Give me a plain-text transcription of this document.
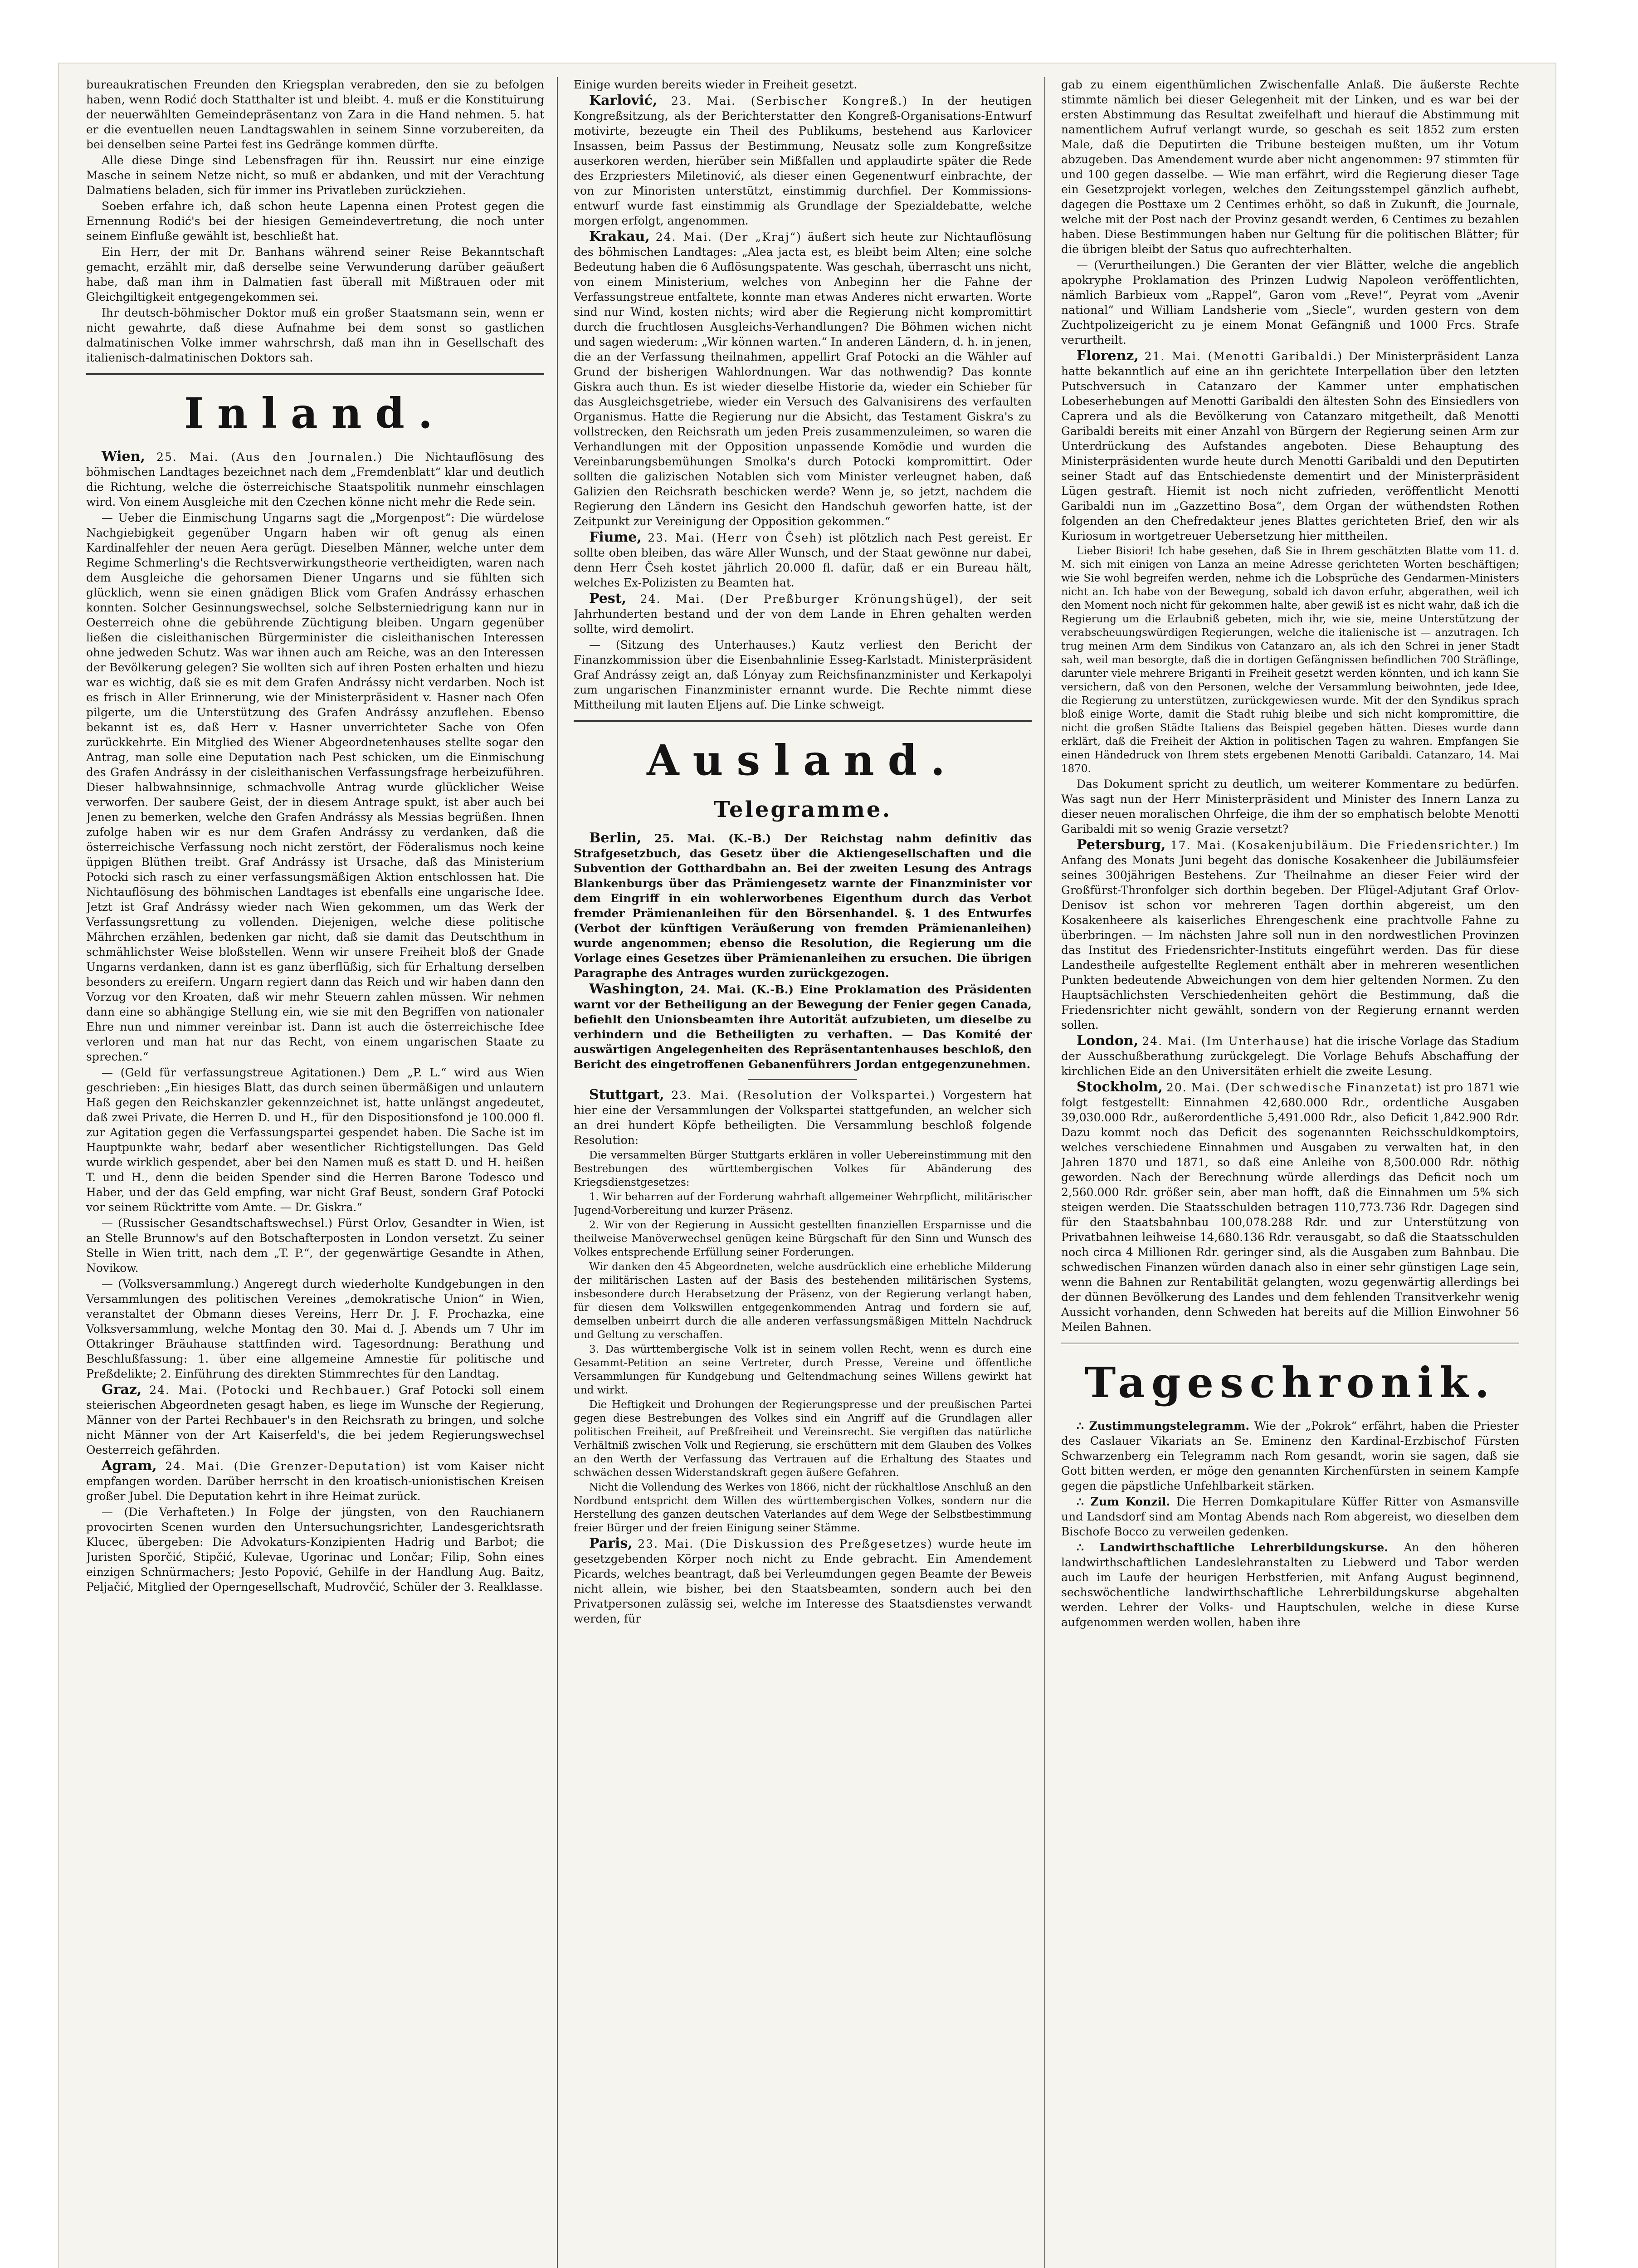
bureaukratischen Freunden den Kriegsplan verabreden, den sie zu befolgen haben, wenn Rodić doch Statthalter ist und bleibt. 4. muß er die Konstituirung der neuerwählten Gemeindepräsentanz von Zara in die Hand nehmen. 5. hat er die eventuellen neuen Landtagswahlen in seinem Sinne vorzubereiten, da bei denselben seine Partei fest ins Gedränge kommen dürfte.

Alle diese Dinge sind Lebensfragen für ihn. Reussirt nur eine einzige Masche in seinem Netze nicht, so muß er abdanken, und mit der Verachtung Dalmatiens beladen, sich für immer ins Privatleben zurückziehen.

Soeben erfahre ich, daß schon heute Lapenna einen Protest gegen die Ernennung Rodić's bei der hiesigen Gemeindevertretung, die noch unter seinem Einfluße gewählt ist, beschließt hat.

Ein Herr, der mit Dr. Banhans während seiner Reise Bekanntschaft gemacht, erzählt mir, daß derselbe seine Verwunderung darüber geäußert habe, daß man ihm in Dalmatien fast überall mit Mißtrauen oder mit Gleichgiltigkeit entgegengekommen sei.

Ihr deutsch-böhmischer Doktor muß ein großer Staatsmann sein, wenn er nicht gewahrte, daß diese Aufnahme bei dem sonst so gastlichen dalmatinischen Volke immer wahrschrsh, daß man ihn in Gesellschaft des italienisch-dalmatinischen Doktors sah.

Inland.

Wien, 25. Mai. (Aus den Journalen.) Die Nichtauflösung des böhmischen Landtages bezeichnet nach dem „Fremdenblatt“ klar und deutlich die Richtung, welche die österreichische Staatspolitik nunmehr einschlagen wird. Von einem Ausgleiche mit den Czechen könne nicht mehr die Rede sein.

— Ueber die Einmischung Ungarns sagt die „Morgenpost“: Die würdelose Nachgiebigkeit gegenüber Ungarn haben wir oft genug als einen Kardinalfehler der neuen Aera gerügt. Dieselben Männer, welche unter dem Regime Schmerling's die Rechtsverwirkungstheorie vertheidigten, waren nach dem Ausgleiche die gehorsamen Diener Ungarns und sie fühlten sich glücklich, wenn sie einen gnädigen Blick vom Grafen Andrássy erhaschen konnten. Solcher Gesinnungswechsel, solche Selbsterniedrigung kann nur in Oesterreich ohne die gebührende Züchtigung bleiben. Ungarn gegenüber ließen die cisleithanischen Bürgerminister die cisleithanischen Interessen ohne jedweden Schutz. Was war ihnen auch am Reiche, was an den Interessen der Bevölkerung gelegen? Sie wollten sich auf ihren Posten erhalten und hiezu war es wichtig, daß sie es mit dem Grafen Andrássy nicht verdarben. Noch ist es frisch in Aller Erinnerung, wie der Ministerpräsident v. Hasner nach Ofen pilgerte, um die Unterstützung des Grafen Andrássy anzuflehen. Ebenso bekannt ist es, daß Herr v. Hasner unverrichteter Sache von Ofen zurückkehrte. Ein Mitglied des Wiener Abgeordnetenhauses stellte sogar den Antrag, man solle eine Deputation nach Pest schicken, um die Einmischung des Grafen Andrássy in der cisleithanischen Verfassungsfrage herbeizuführen. Dieser halbwahnsinnige, schmachvolle Antrag wurde glücklicher Weise verworfen. Der saubere Geist, der in diesem Antrage spukt, ist aber auch bei Jenen zu bemerken, welche den Grafen Andrássy als Messias begrüßen. Ihnen zufolge haben wir es nur dem Grafen Andrássy zu verdanken, daß die österreichische Verfassung noch nicht zerstört, der Föderalismus noch keine üppigen Blüthen treibt. Graf Andrássy ist Ursache, daß das Ministerium Potocki sich rasch zu einer verfassungsmäßigen Aktion entschlossen hat. Die Nichtauflösung des böhmischen Landtages ist ebenfalls eine ungarische Idee. Jetzt ist Graf Andrássy wieder nach Wien gekommen, um das Werk der Verfassungsrettung zu vollenden. Diejenigen, welche diese politische Mährchen erzählen, bedenken gar nicht, daß sie damit das Deutschthum in schmählichster Weise bloßstellen. Wenn wir unsere Freiheit bloß der Gnade Ungarns verdanken, dann ist es ganz überflüßig, sich für Erhaltung derselben besonders zu ereifern. Ungarn regiert dann das Reich und wir haben dann den Vorzug vor den Kroaten, daß wir mehr Steuern zahlen müssen. Wir nehmen dann eine so abhängige Stellung ein, wie sie mit den Begriffen von nationaler Ehre nun und nimmer vereinbar ist. Dann ist auch die österreichische Idee verloren und man hat nur das Recht, von einem ungarischen Staate zu sprechen.“

— (Geld für verfassungstreue Agitationen.) Dem „P. L.“ wird aus Wien geschrieben: „Ein hiesiges Blatt, das durch seinen übermäßigen und unlautern Haß gegen den Reichskanzler gekennzeichnet ist, hatte unlängst angedeutet, daß zwei Private, die Herren D. und H., für den Dispositionsfond je 100.000 fl. zur Agitation gegen die Verfassungspartei gespendet haben. Die Sache ist im Hauptpunkte wahr, bedarf aber wesentlicher Richtigstellungen. Das Geld wurde wirklich gespendet, aber bei den Namen muß es statt D. und H. heißen T. und H., denn die beiden Spender sind die Herren Barone Todesco und Haber, und der das Geld empfing, war nicht Graf Beust, sondern Graf Potocki vor seinem Rücktritte vom Amte. — Dr. Giskra.“

— (Russischer Gesandtschaftswechsel.) Fürst Orlov, Gesandter in Wien, ist an Stelle Brunnow's auf den Botschafterposten in London versetzt. Zu seiner Stelle in Wien tritt, nach dem „T. P.“, der gegenwärtige Gesandte in Athen, Novikow.

— (Volksversammlung.) Angeregt durch wiederholte Kundgebungen in den Versammlungen des politischen Vereines „demokratische Union“ in Wien, veranstaltet der Obmann dieses Vereins, Herr Dr. J. F. Prochazka, eine Volksversammlung, welche Montag den 30. Mai d. J. Abends um 7 Uhr im Ottakringer Bräuhause stattfinden wird. Tagesordnung: Berathung und Beschlußfassung: 1. über eine allgemeine Amnestie für politische und Preßdelikte; 2. Einführung des direkten Stimmrechtes für den Landtag.

Graz, 24. Mai. (Potocki und Rechbauer.) Graf Potocki soll einem steierischen Abgeordneten gesagt haben, es liege im Wunsche der Regierung, Männer von der Partei Rechbauer's in den Reichsrath zu bringen, und solche nicht Männer von der Art Kaiserfeld's, die bei jedem Regierungswechsel Oesterreich gefährden.

Agram, 24. Mai. (Die Grenzer-Deputation) ist vom Kaiser nicht empfangen worden. Darüber herrscht in den kroatisch-unionistischen Kreisen großer Jubel. Die Deputation kehrt in ihre Heimat zurück.

— (Die Verhafteten.) In Folge der jüngsten, von den Rauchianern provocirten Scenen wurden den Untersuchungsrichter, Landesgerichtsrath Klucec, übergeben: Die Advokaturs-Konzipienten Hadrig und Barbot; die Juristen Sporčić, Stipčić, Kulevae, Ugorinac und Lončar; Filip, Sohn eines einzigen Schnürmachers; Jesto Popović, Gehilfe in der Handlung Aug. Baitz, Peljačić, Mitglied der Operngesellschaft, Mudrovčić, Schüler der 3. Realklasse.

Einige wurden bereits wieder in Freiheit gesetzt.

Karlović, 23. Mai. (Serbischer Kongreß.) In der heutigen Kongreßsitzung, als der Berichterstatter den Kongreß-Organisations-Entwurf motivirte, bezeugte ein Theil des Publikums, bestehend aus Karlovicer Insassen, beim Passus der Bestimmung, Neusatz solle zum Kongreßsitze auserkoren werden, hierüber sein Mißfallen und applaudirte später die Rede des Erzpriesters Miletinović, als dieser einen Gegenentwurf einbrachte, der von zur Minoristen unterstützt, einstimmig durchfiel. Der Kommissions-entwurf wurde fast einstimmig als Grundlage der Spezialdebatte, welche morgen erfolgt, angenommen.

Krakau, 24. Mai. (Der „Kraj“) äußert sich heute zur Nichtauflösung des böhmischen Landtages: „Alea jacta est, es bleibt beim Alten; eine solche Bedeutung haben die 6 Auflösungspatente. Was geschah, überrascht uns nicht, von einem Ministerium, welches von Anbeginn her die Fahne der Verfassungstreue entfaltete, konnte man etwas Anderes nicht erwarten. Worte sind nur Wind, kosten nichts; wird aber die Regierung nicht kompromittirt durch die fruchtlosen Ausgleichs-Verhandlungen? Die Böhmen wichen nicht und sagen wiederum: „Wir können warten.“ In anderen Ländern, d. h. in jenen, die an der Verfassung theilnahmen, appellirt Graf Potocki an die Wähler auf Grund der bisherigen Wahlordnungen. War das nothwendig? Das konnte Giskra auch thun. Es ist wieder dieselbe Historie da, wieder ein Schieber für das Ausgleichsgetriebe, wieder ein Versuch des Galvanisirens des verfaulten Organismus. Hatte die Regierung nur die Absicht, das Testament Giskra's zu vollstrecken, den Reichsrath um jeden Preis zusammenzuleimen, so waren die Verhandlungen mit der Opposition unpassende Komödie und wurden die Vereinbarungsbemühungen Smolka's durch Potocki kompromittirt. Oder sollten die galizischen Notablen sich vom Minister verleugnet haben, daß Galizien den Reichsrath beschicken werde? Wenn je, so jetzt, nachdem die Regierung den Ländern ins Gesicht den Handschuh geworfen hatte, ist der Zeitpunkt zur Vereinigung der Opposition gekommen.“

Fiume, 23. Mai. (Herr von Čseh) ist plötzlich nach Pest gereist. Er sollte oben bleiben, das wäre Aller Wunsch, und der Staat gewönne nur dabei, denn Herr Čseh kostet jährlich 20.000 fl. dafür, daß er ein Bureau hält, welches Ex-Polizisten zu Beamten hat.

Pest, 24. Mai. (Der Preßburger Krönungshügel), der seit Jahrhunderten bestand und der von dem Lande in Ehren gehalten werden sollte, wird demolirt.

— (Sitzung des Unterhauses.) Kautz verliest den Bericht der Finanzkommission über die Eisenbahnlinie Esseg-Karlstadt. Ministerpräsident Graf Andrássy zeigt an, daß Lónyay zum Reichsfinanzminister und Kerkapolyi zum ungarischen Finanzminister ernannt wurde. Die Rechte nimmt diese Mittheilung mit lauten Eljens auf. Die Linke schweigt.

Ausland.
Telegramme.

Berlin, 25. Mai. (K.-B.) Der Reichstag nahm definitiv das Strafgesetzbuch, das Gesetz über die Aktiengesellschaften und die Subvention der Gotthardbahn an. Bei der zweiten Lesung des Antrags Blankenburgs über das Prämiengesetz warnte der Finanzminister vor dem Eingriff in ein wohlerworbenes Eigenthum durch das Verbot fremder Prämienanleihen für den Börsenhandel. §. 1 des Entwurfes (Verbot der künftigen Veräußerung von fremden Prämienanleihen) wurde angenommen; ebenso die Resolution, die Regierung um die Vorlage eines Gesetzes über Prämienanleihen zu ersuchen. Die übrigen Paragraphe des Antrages wurden zurückgezogen.

Washington, 24. Mai. (K.-B.) Eine Proklamation des Präsidenten warnt vor der Betheiligung an der Bewegung der Fenier gegen Canada, befiehlt den Unionsbeamten ihre Autorität aufzubieten, um dieselbe zu verhindern und die Betheiligten zu verhaften. — Das Komité der auswärtigen Angelegenheiten des Repräsentantenhauses beschloß, den Bericht des eingetroffenen Gebanenführers Jordan entgegenzunehmen.

Stuttgart, 23. Mai. (Resolution der Volkspartei.) Vorgestern hat hier eine der Versammlungen der Volkspartei stattgefunden, an welcher sich an drei hundert Köpfe betheiligten. Die Versammlung beschloß folgende Resolution:

Die versammelten Bürger Stuttgarts erklären in voller Uebereinstimmung mit den Bestrebungen des württembergischen Volkes für Abänderung des Kriegsdienstgesetzes:

1. Wir beharren auf der Forderung wahrhaft allgemeiner Wehrpflicht, militärischer Jugend-Vorbereitung und kurzer Präsenz.

2. Wir von der Regierung in Aussicht gestellten finanziellen Ersparnisse und die theilweise Manöverwechsel genügen keine Bürgschaft für den Sinn und Wunsch des Volkes entsprechende Erfüllung seiner Forderungen.

Wir danken den 45 Abgeordneten, welche ausdrücklich eine erhebliche Milderung der militärischen Lasten auf der Basis des bestehenden militärischen Systems, insbesondere durch Herabsetzung der Präsenz, von der Regierung verlangt haben, für diesen dem Volkswillen entgegenkommenden Antrag und fordern sie auf, demselben unbeirrt durch die alle anderen verfassungsmäßigen Mitteln Nachdruck und Geltung zu verschaffen.

3. Das württembergische Volk ist in seinem vollen Recht, wenn es durch eine Gesammt-Petition an seine Vertreter, durch Presse, Vereine und öffentliche Versammlungen für Kundgebung und Geltendmachung seines Willens gewirkt hat und wirkt.

Die Heftigkeit und Drohungen der Regierungspresse und der preußischen Partei gegen diese Bestrebungen des Volkes sind ein Angriff auf die Grundlagen aller politischen Freiheit, auf Preßfreiheit und Vereinsrecht. Sie vergiften das natürliche Verhältniß zwischen Volk und Regierung, sie erschüttern mit dem Glauben des Volkes an den Werth der Verfassung das Vertrauen auf die Erhaltung des Staates und schwächen dessen Widerstandskraft gegen äußere Gefahren.

Nicht die Vollendung des Werkes von 1866, nicht der rückhaltlose Anschluß an den Nordbund entspricht dem Willen des württembergischen Volkes, sondern nur die Herstellung des ganzen deutschen Vaterlandes auf dem Wege der Selbstbestimmung freier Bürger und der freien Einigung seiner Stämme.

Paris, 23. Mai. (Die Diskussion des Preßgesetzes) wurde heute im gesetzgebenden Körper noch nicht zu Ende gebracht. Ein Amendement Picards, welches beantragt, daß bei Verleumdungen gegen Beamte der Beweis nicht allein, wie bisher, bei den Staatsbeamten, sondern auch bei den Privatpersonen zulässig sei, welche im Interesse des Staatsdienstes verwandt werden, für

gab zu einem eigenthümlichen Zwischenfalle Anlaß. Die äußerste Rechte stimmte nämlich bei dieser Gelegenheit mit der Linken, und es war bei der ersten Abstimmung das Resultat zweifelhaft und hierauf die Abstimmung mit namentlichem Aufruf verlangt wurde, so geschah es seit 1852 zum ersten Male, daß die Deputirten die Tribune besteigen mußten, um ihr Votum abzugeben. Das Amendement wurde aber nicht angenommen: 97 stimmten für und 100 gegen dasselbe. — Wie man erfährt, wird die Regierung dieser Tage ein Gesetzprojekt vorlegen, welches den Zeitungsstempel gänzlich aufhebt, dagegen die Posttaxe um 2 Centimes erhöht, so daß in Zukunft, die Journale, welche mit der Post nach der Provinz gesandt werden, 6 Centimes zu bezahlen haben. Diese Bestimmungen haben nur Geltung für die politischen Blätter; für die übrigen bleibt der Satus quo aufrechterhalten.

— (Verurtheilungen.) Die Geranten der vier Blätter, welche die angeblich apokryphe Proklamation des Prinzen Ludwig Napoleon veröffentlichten, nämlich Barbieux vom „Rappel“, Garon vom „Reve!“, Peyrat vom „Avenir national“ und William Landsherie vom „Siecle“, wurden gestern von dem Zuchtpolizeigericht zu je einem Monat Gefängniß und 1000 Frcs. Strafe verurtheilt.

Florenz, 21. Mai. (Menotti Garibaldi.) Der Ministerpräsident Lanza hatte bekanntlich auf eine an ihn gerichtete Interpellation über den letzten Putschversuch in Catanzaro der Kammer unter emphatischen Lobeserhebungen auf Menotti Garibaldi den ältesten Sohn des Einsiedlers von Caprera und als die Bevölkerung von Catanzaro mitgetheilt, daß Menotti Garibaldi bereits mit einer Anzahl von Bürgern der Regierung seinen Arm zur Unterdrückung des Aufstandes angeboten. Diese Behauptung des Ministerpräsidenten wurde heute durch Menotti Garibaldi und den Deputirten seiner Stadt auf das Entschiedenste dementirt und der Ministerpräsident Lügen gestraft. Hiemit ist noch nicht zufrieden, veröffentlicht Menotti Garibaldi nun im „Gazzettino Bosa“, dem Organ der wüthendsten Rothen folgenden an den Chefredakteur jenes Blattes gerichteten Brief, den wir als Kuriosum in wortgetreuer Uebersetzung hier mittheilen.

Lieber Bisiori! Ich habe gesehen, daß Sie in Ihrem geschätzten Blatte vom 11. d. M. sich mit einigen von Lanza an meine Adresse gerichteten Worten beschäftigen; wie Sie wohl begreifen werden, nehme ich die Lobsprüche des Gendarmen-Ministers nicht an. Ich habe von der Bewegung, sobald ich davon erfuhr, abgerathen, weil ich den Moment noch nicht für gekommen halte, aber gewiß ist es nicht wahr, daß ich die Regierung um die Erlaubniß gebeten, mich ihr, wie sie, meine Unterstützung der verabscheuungswürdigen Regierungen, welche die italienische ist — anzutragen. Ich trug meinen Arm dem Sindikus von Catanzaro an, als ich den Schrei in jener Stadt sah, weil man besorgte, daß die in dortigen Gefängnissen befindlichen 700 Sträflinge, darunter viele mehrere Briganti in Freiheit gesetzt werden könnten, und ich kann Sie versichern, daß von den Personen, welche der Versammlung beiwohnten, jede Idee, die Regierung zu unterstützen, zurückgewiesen wurde. Mit der den Syndikus sprach bloß einige Worte, damit die Stadt ruhig bleibe und sich nicht kompromittire, die nicht die großen Städte Italiens das Beispiel gegeben hätten. Dieses wurde dann erklärt, daß die Freiheit der Aktion in politischen Tagen zu wahren. Empfangen Sie einen Händedruck von Ihrem stets ergebenen Menotti Garibaldi. Catanzaro, 14. Mai 1870.

Das Dokument spricht zu deutlich, um weiterer Kommentare zu bedürfen. Was sagt nun der Herr Ministerpräsident und Minister des Innern Lanza zu dieser neuen moralischen Ohrfeige, die ihm der so emphatisch belobte Menotti Garibaldi mit so wenig Grazie versetzt?

Petersburg, 17. Mai. (Kosakenjubiläum. Die Friedensrichter.) Im Anfang des Monats Juni begeht das donische Kosakenheer die Jubiläumsfeier seines 300jährigen Bestehens. Zur Theilnahme an dieser Feier wird der Großfürst-Thronfolger sich dorthin begeben. Der Flügel-Adjutant Graf Orlov-Denisov ist schon vor mehreren Tagen dorthin abgereist, um den Kosakenheere als kaiserliches Ehrengeschenk eine prachtvolle Fahne zu überbringen. — Im nächsten Jahre soll nun in den nordwestlichen Provinzen das Institut des Friedensrichter-Instituts eingeführt werden. Das für diese Landestheile aufgestellte Reglement enthält aber in mehreren wesentlichen Punkten bedeutende Abweichungen von dem hier geltenden Normen. Zu den Hauptsächlichsten Verschiedenheiten gehört die Bestimmung, daß die Friedensrichter nicht gewählt, sondern von der Regierung ernannt werden sollen.

London, 24. Mai. (Im Unterhause) hat die irische Vorlage das Stadium der Ausschußberathung zurückgelegt. Die Vorlage Behufs Abschaffung der kirchlichen Eide an den Universitäten erhielt die zweite Lesung.

Stockholm, 20. Mai. (Der schwedische Finanzetat) ist pro 1871 wie folgt festgestellt: Einnahmen 42,680.000 Rdr., ordentliche Ausgaben 39,030.000 Rdr., außerordentliche 5,491.000 Rdr., also Deficit 1,842.900 Rdr. Dazu kommt noch das Deficit des sogenannten Reichsschuldkomptoirs, welches verschiedene Einnahmen und Ausgaben zu verwalten hat, in den Jahren 1870 und 1871, so daß eine Anleihe von 8,500.000 Rdr. nöthig geworden. Nach der Berechnung würde allerdings das Deficit noch um 2,560.000 Rdr. größer sein, aber man hofft, daß die Einnahmen um 5% sich steigen werden. Die Staatsschulden betragen 110,773.736 Rdr. Dagegen sind für den Staatsbahnbau 100,078.288 Rdr. und zur Unterstützung von Privatbahnen leihweise 14,680.136 Rdr. verausgabt, so daß die Staatsschulden noch circa 4 Millionen Rdr. geringer sind, als die Ausgaben zum Bahnbau. Die schwedischen Finanzen würden danach also in einer sehr günstigen Lage sein, wenn die Bahnen zur Rentabilität gelangten, wozu gegenwärtig allerdings bei der dünnen Bevölkerung des Landes und dem fehlenden Transitverkehr wenig Aussicht vorhanden, denn Schweden hat bereits auf die Million Einwohner 56 Meilen Bahnen.

Tageschronik.

∴ Zustimmungstelegramm. Wie der „Pokrok“ erfährt, haben die Priester des Caslauer Vikariats an Se. Eminenz den Kardinal-Erzbischof Fürsten Schwarzenberg ein Telegramm nach Rom gesandt, worin sie sagen, daß sie Gott bitten werden, er möge den genannten Kirchenfürsten in seinem Kampfe gegen die päpstliche Unfehlbarkeit stärken.

∴ Zum Konzil. Die Herren Domkapitulare Küffer Ritter von Asmansville und Landsdorf sind am Montag Abends nach Rom abgereist, wo dieselben dem Bischofe Bocco zu verweilen gedenken.

∴ Landwirthschaftliche Lehrerbildungskurse. An den höheren landwirthschaftlichen Landeslehranstalten zu Liebwerd und Tabor werden auch im Laufe der heurigen Herbstferien, mit Anfang August beginnend, sechswöchentliche landwirthschaftliche Lehrerbildungskurse abgehalten werden. Lehrer der Volks- und Hauptschulen, welche in diese Kurse aufgenommen werden wollen, haben ihre
